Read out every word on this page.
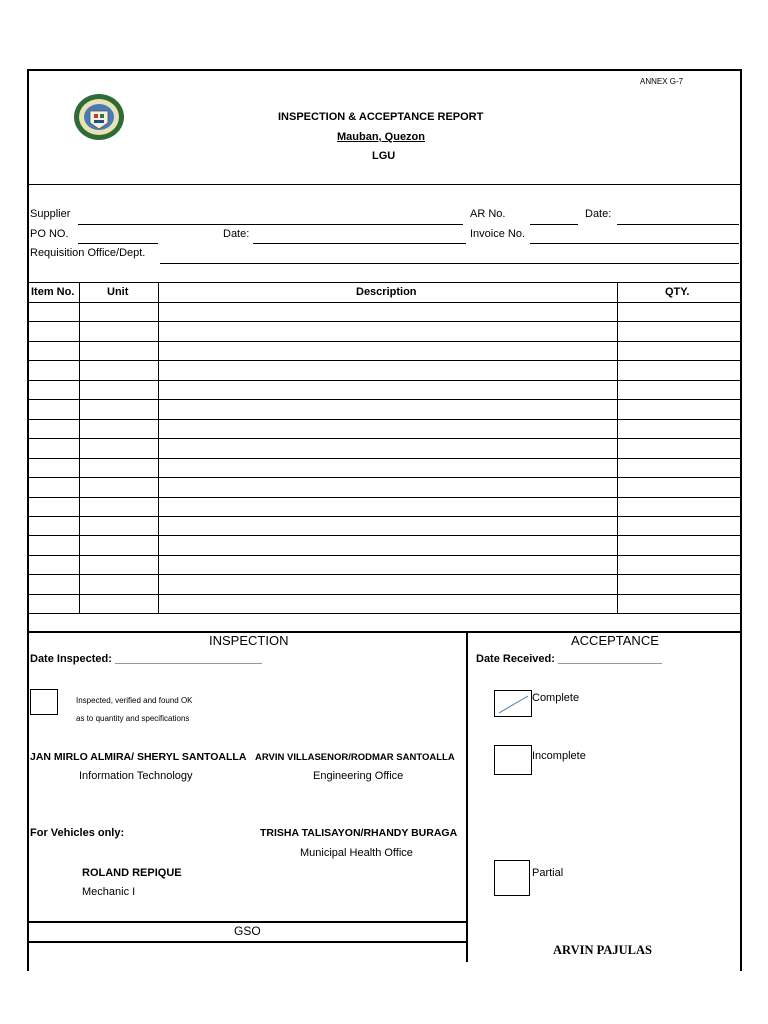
ANNEX G-7
INSPECTION & ACCEPTANCE REPORT
Mauban, Quezon
LGU
Supplier	AR No.	Date:
PO NO.	Date:	Invoice No.
Requisition Office/Dept.
Item No.	Unit	Description	QTY.
INSPECTION
Date Inspected: ________________________
Inspected, verified and found OK
as to quantity and specifications
JAN MIRLO ALMIRA/ SHERYL SANTOALLA
Information Technology
ARVIN VILLASENOR/RODMAR SANTOALLA
Engineering Office
For Vehicles only:	TRISHA TALISAYON/RHANDY BURAGA
Municipal Health Office
ROLAND REPIQUE
Mechanic I
GSO
ACCEPTANCE
Date Received: _________________
Complete
Incomplete
Partial
ARVIN PAJULAS
